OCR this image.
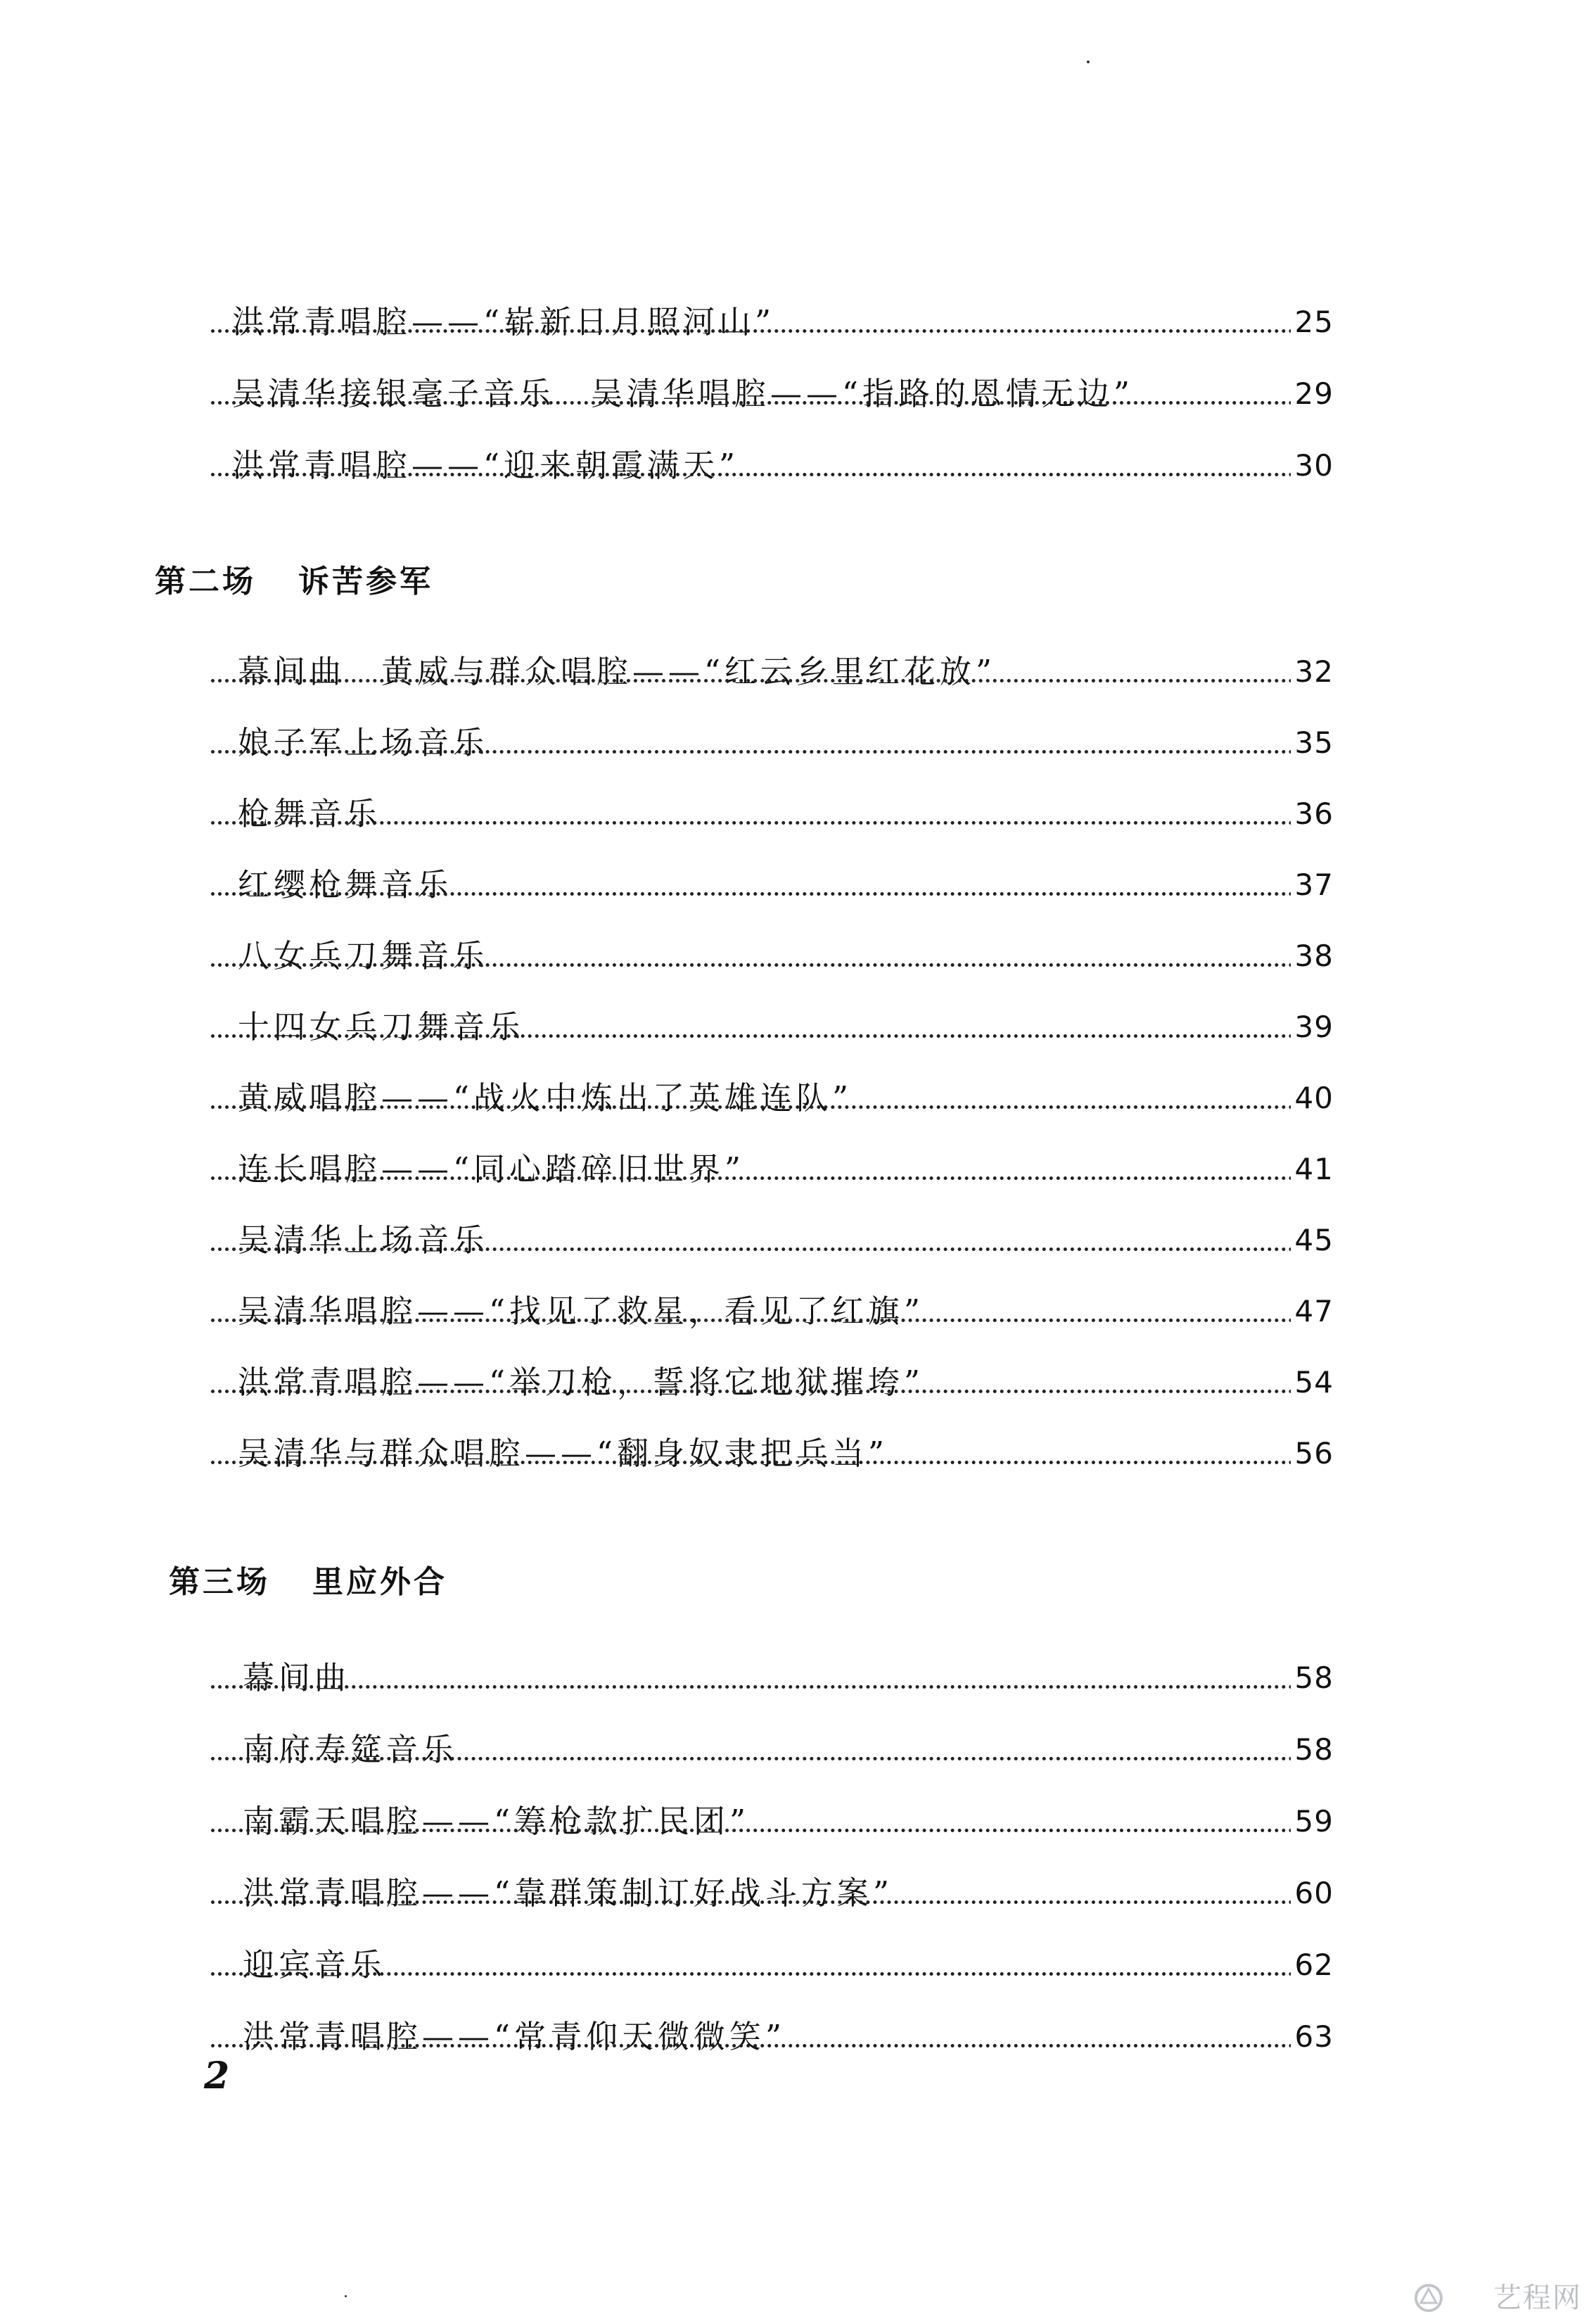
洪常青唱腔——“崭新日月照河山”	25
吴清华接银毫子音乐　吴清华唱腔——“指路的恩情无边”	29
洪常青唱腔——“迎来朝霞满天”	30
第二场 诉苦参军
幕间曲　黄威与群众唱腔——“红云乡里红花放”	32
娘子军上场音乐	35
枪舞音乐	36
红缨枪舞音乐	37
八女兵刀舞音乐	38
十四女兵刀舞音乐	39
黄威唱腔——“战火中炼出了英雄连队”	40
连长唱腔——“同心踏碎旧世界”	41
吴清华上场音乐	45
吴清华唱腔——“找见了救星，看见了红旗”	47
洪常青唱腔——“举刀枪，誓将它地狱摧垮”	54
吴清华与群众唱腔——“翻身奴隶把兵当”	56
第三场 里应外合
幕间曲	58
南府寿筵音乐	58
南霸天唱腔——“筹枪款扩民团”	59
洪常青唱腔——“靠群策制订好战斗方案”	60
迎宾音乐	62
洪常青唱腔——“常青仰天微微笑”	63
2
艺程网
